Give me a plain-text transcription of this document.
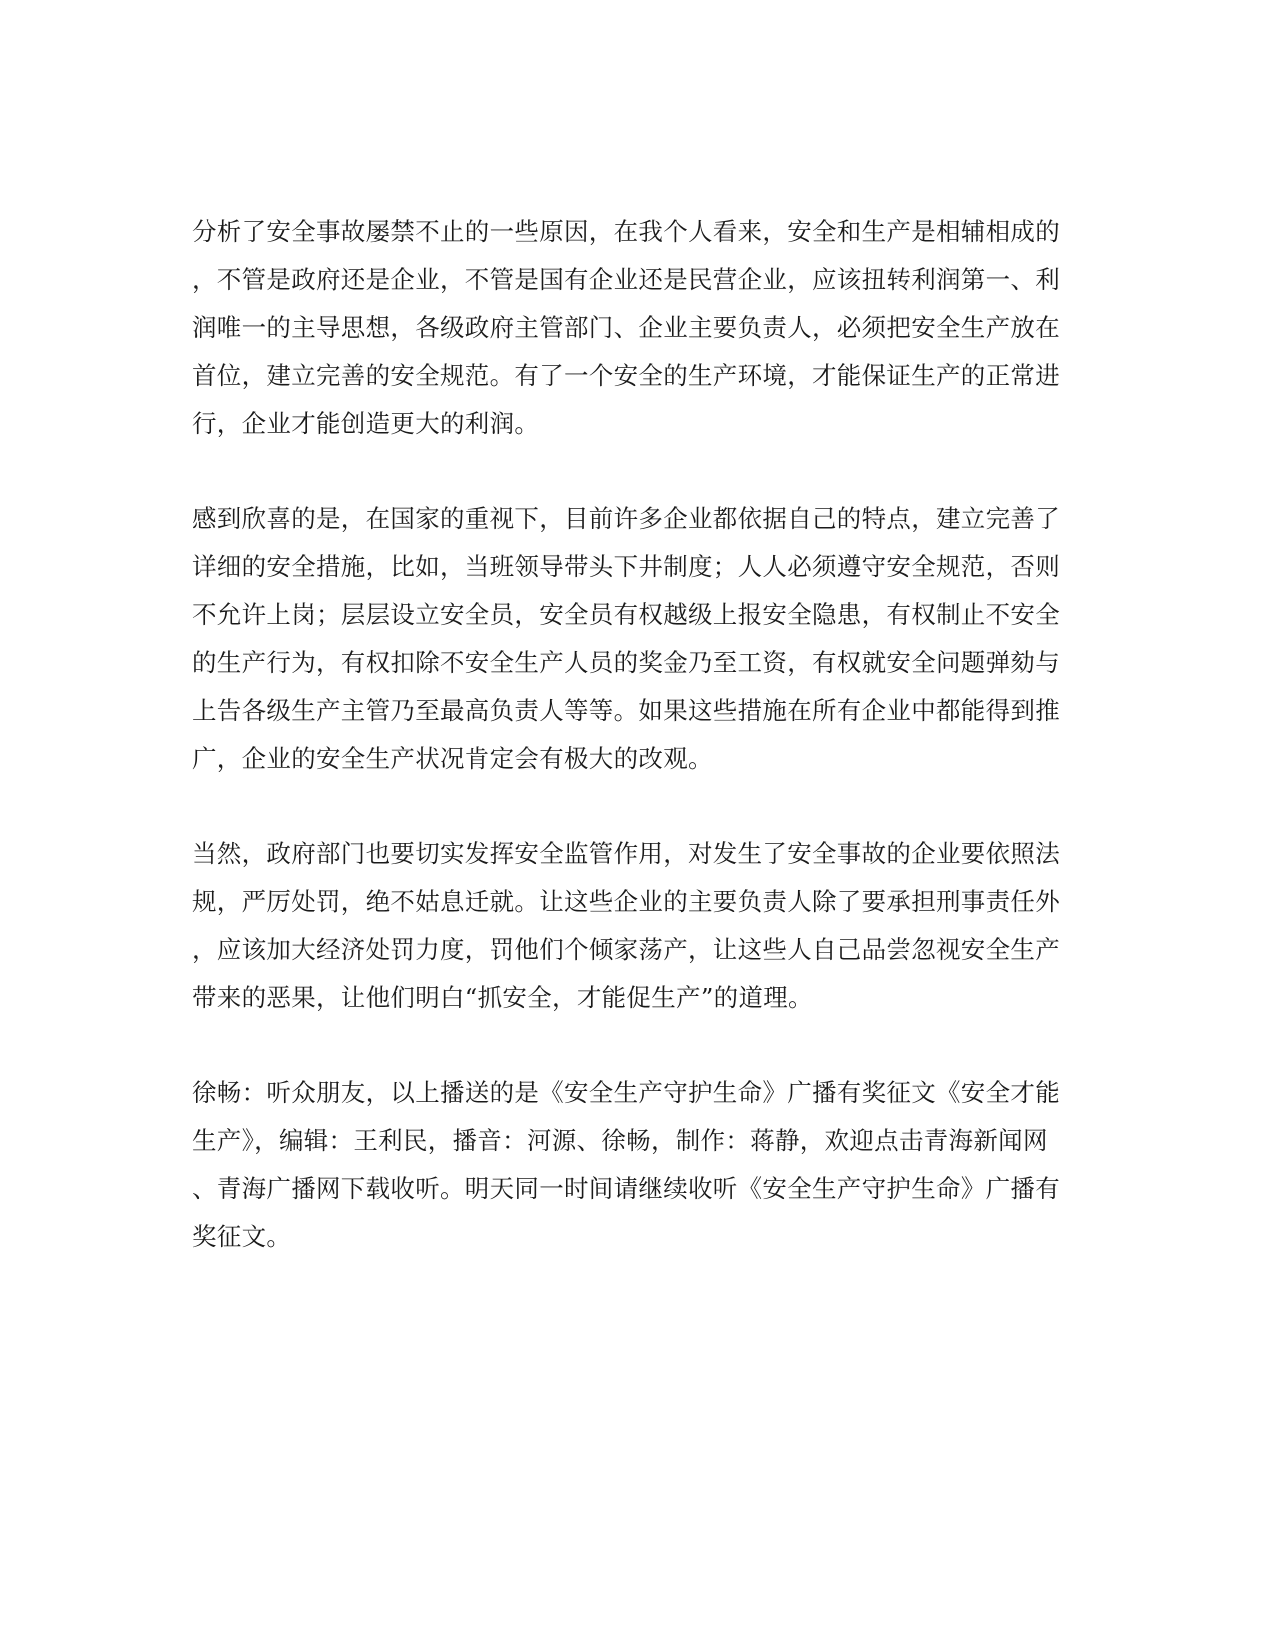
分析了安全事故屡禁不止的一些原因，在我个人看来，安全和生产是相辅相成的
，不管是政府还是企业，不管是国有企业还是民营企业，应该扭转利润第一、利
润唯一的主导思想，各级政府主管部门、企业主要负责人，必须把安全生产放在
首位，建立完善的安全规范。有了一个安全的生产环境，才能保证生产的正常进
行，企业才能创造更大的利润。
感到欣喜的是，在国家的重视下，目前许多企业都依据自己的特点，建立完善了
详细的安全措施，比如，当班领导带头下井制度；人人必须遵守安全规范，否则
不允许上岗；层层设立安全员，安全员有权越级上报安全隐患，有权制止不安全
的生产行为，有权扣除不安全生产人员的奖金乃至工资，有权就安全问题弹劾与
上告各级生产主管乃至最高负责人等等。如果这些措施在所有企业中都能得到推
广，企业的安全生产状况肯定会有极大的改观。
当然，政府部门也要切实发挥安全监管作用，对发生了安全事故的企业要依照法
规，严厉处罚，绝不姑息迁就。让这些企业的主要负责人除了要承担刑事责任外
，应该加大经济处罚力度，罚他们个倾家荡产，让这些人自己品尝忽视安全生产
带来的恶果，让他们明白“抓安全，才能促生产”的道理。
徐畅：听众朋友，以上播送的是《安全生产守护生命》广播有奖征文《安全才能
生产》，编辑：王利民，播音：河源、徐畅，制作：蒋静，欢迎点击青海新闻网
、青海广播网下载收听。明天同一时间请继续收听《安全生产守护生命》广播有
奖征文。
